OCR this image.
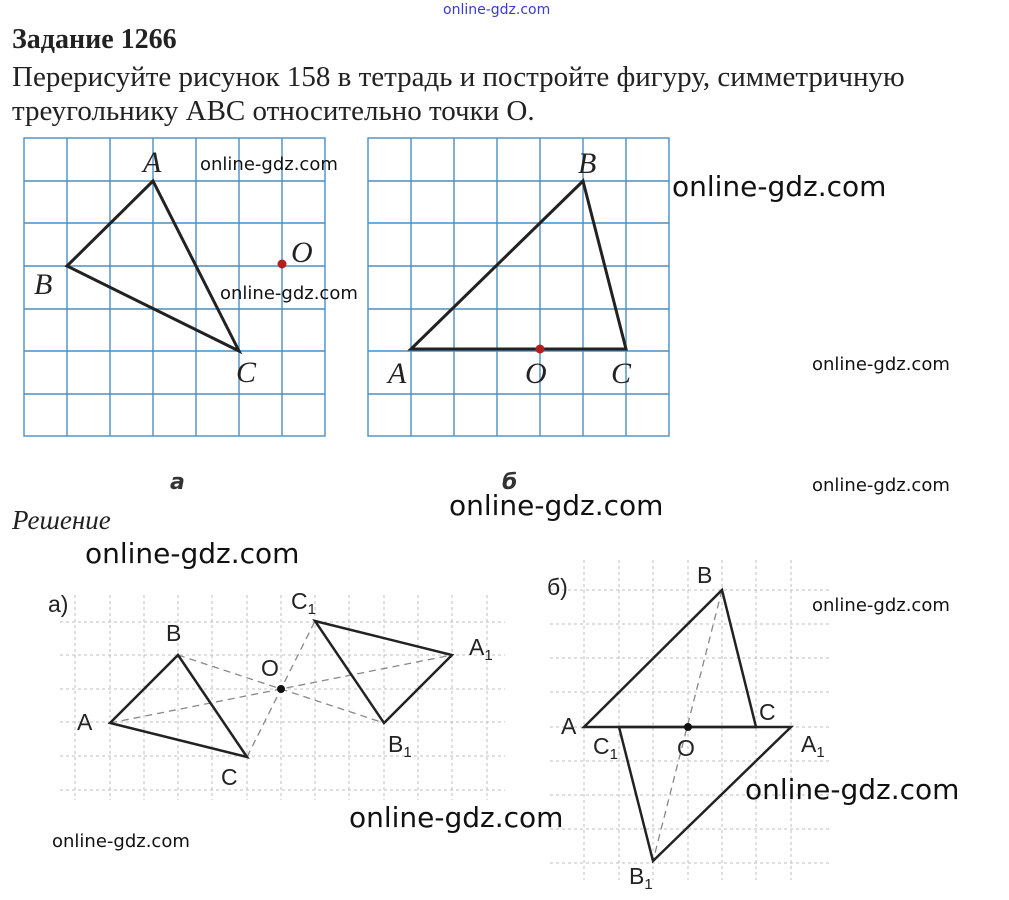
online-gdz.com
Задание 1266
Перерисуйте рисунок 158 в тетрадь и постройте фигуру, симметричную треугольнику ABC относительно точки O.
A
B
C
O
B
A	O C
A
B
C
O
$A_1$
$B_1$
$C_1$
а)
B
A
C
O
$C_1$	$A_1$
$B_1$
б)
а	б
Решение
online-gdz.com
online-gdz.com
online-gdz.com
online-gdz.com
online-gdz.com
online-gdz.com
online-gdz.com
online-gdz.com
online-gdz.com
online-gdz.com
online-gdz.com
